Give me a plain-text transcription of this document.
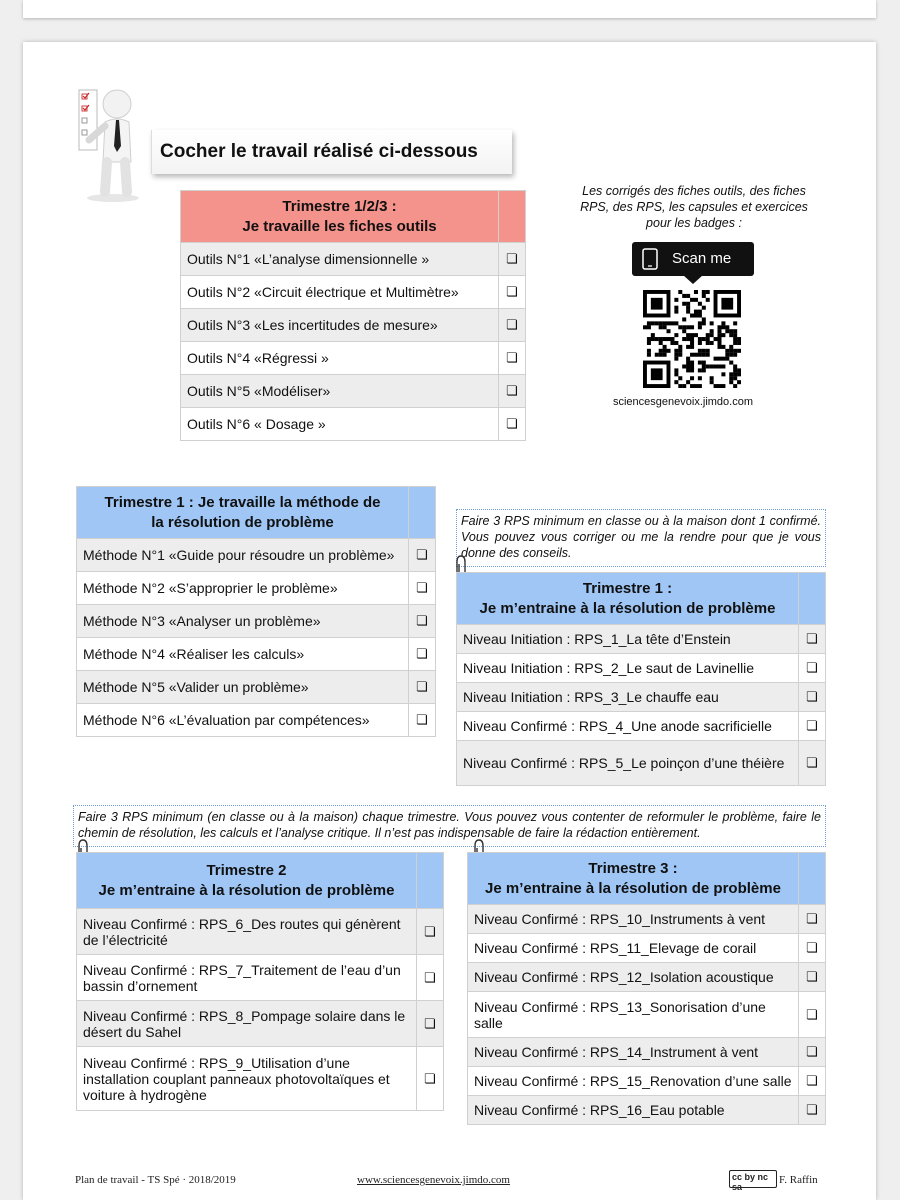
Cocher le travail réalisé ci-dessous
Trimestre 1/2/3 :
Je travaille les fiches outils	
Outils N°1 «L’analyse dimensionnelle »	❏
Outils N°2 «Circuit électrique et Multimètre»	❏
Outils N°3 «Les incertitudes de mesure»	❏
Outils N°4 «Régressi »	❏
Outils N°5 «Modéliser»	❏
Outils N°6 « Dosage »	❏
Les corrigés des fiches outils, des fiches RPS, des RPS, les capsules et exercices pour les badges :
Scan me
sciencesgenevoix.jimdo.com
Trimestre 1 : Je travaille la méthode de
la résolution de problème	
Méthode N°1 «Guide pour résoudre un problème»	❏
Méthode N°2 «S’approprier le problème»	❏
Méthode N°3 «Analyser un problème»	❏
Méthode N°4 «Réaliser les calculs»	❏
Méthode N°5 «Valider un problème»	❏
Méthode N°6 «L’évaluation par compétences»	❏
Faire 3 RPS minimum en classe ou à la maison dont 1 confirmé. Vous pouvez vous corriger ou me la rendre pour que je vous donne des conseils.
Trimestre 1 :
Je m’entraine à la résolution de problème	
Niveau Initiation : RPS_1_La tête d’Enstein	❏
Niveau Initiation : RPS_2_Le saut de Lavinellie	❏
Niveau Initiation : RPS_3_Le chauffe eau	❏
Niveau Confirmé : RPS_4_Une anode sacrificielle	❏
Niveau Confirmé : RPS_5_Le poinçon d’une théière	❏
Faire 3 RPS minimum (en classe ou à la maison) chaque trimestre. Vous pouvez vous contenter de reformuler le problème, faire le chemin de résolution, les calculs et l’analyse critique. Il n’est pas indispensable de faire la rédaction entièrement.
Trimestre 2
Je m’entraine à la résolution de problème	
Niveau Confirmé : RPS_6_Des routes qui génèrent de l’électricité	❏
Niveau Confirmé : RPS_7_Traitement de l’eau d’un bassin d’ornement	❏
Niveau Confirmé : RPS_8_Pompage solaire dans le désert du Sahel	❏
Niveau Confirmé : RPS_9_Utilisation d’une installation couplant panneaux photovoltaïques et voiture à hydrogène	❏
Trimestre 3 :
Je m’entraine à la résolution de problème	
Niveau Confirmé : RPS_10_Instruments à vent	❏
Niveau Confirmé : RPS_11_Elevage de corail	❏
Niveau Confirmé : RPS_12_Isolation acoustique	❏
Niveau Confirmé : RPS_13_Sonorisation d’une salle	❏
Niveau Confirmé : RPS_14_Instrument à vent	❏
Niveau Confirmé : RPS_15_Renovation d’une salle	❏
Niveau Confirmé : RPS_16_Eau potable	❏
Plan de travail - TS Spé · 2018/2019	www.sciencesgenevoix.jimdo.com	cc by nc sa
F. Raffin
